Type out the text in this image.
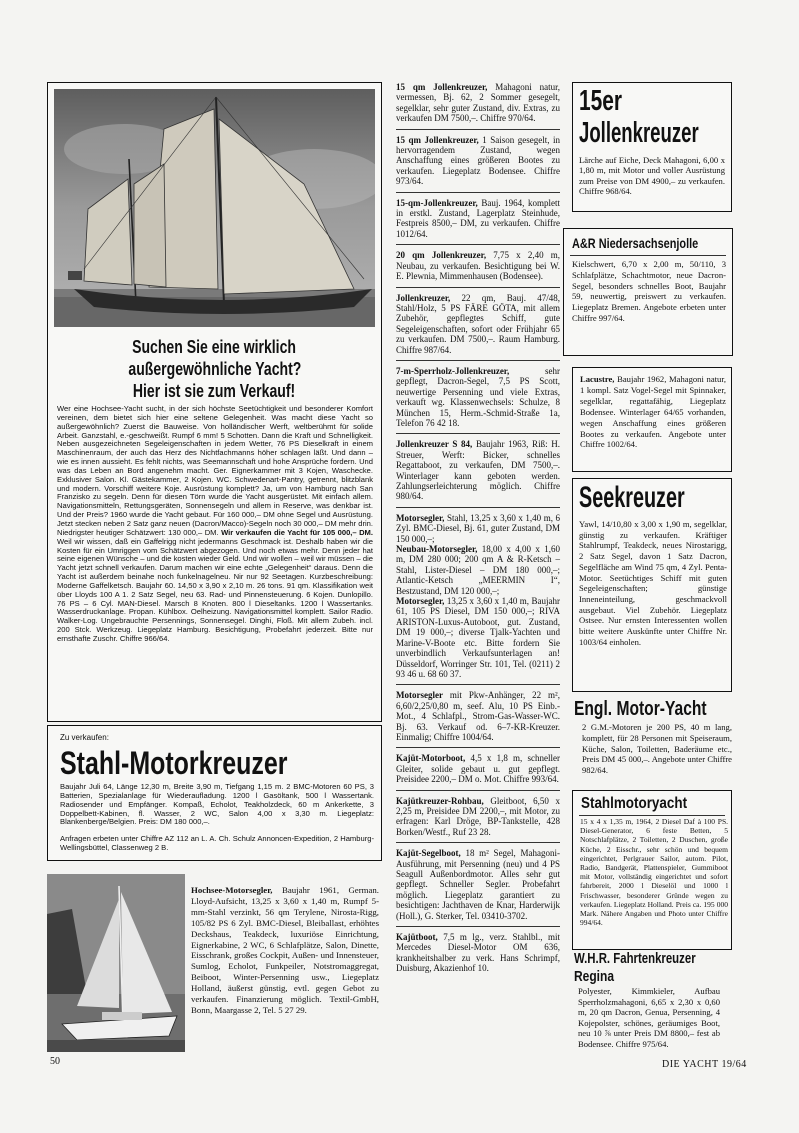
Suchen Sie eine wirklich
außergewöhnliche Yacht?
Hier ist sie zum Verkauf!
Wer eine Hochsee-Yacht sucht, in der sich höchste Seetüchtigkeit und besonderer Komfort vereinen, dem bietet sich hier eine seltene Gelegenheit. Was macht diese Yacht so außergewöhnlich? Zuerst die Bauweise. Von holländischer Werft, weltberühmt für solide Arbeit. Ganzstahl, e.-geschweißt. Rumpf 6 mm! 5 Schotten. Dann die Kraft und Schnelligkeit. Neben ausgezeichneten Segeleigenschaften in jedem Wetter, 76 PS Dieselkraft in einem Maschinenraum, der auch das Herz des Nichtfachmanns höher schlagen läßt. Und dann – wie es innen aussieht. Es fehlt nichts, was Seemannschaft und hohe Ansprüche fordern. Und was das Leben an Bord angenehm macht. Ger. Eignerkammer mit 3 Kojen, Waschecke. Exklusiver Salon. Kl. Gästekammer, 2 Kojen. WC. Schwedenart-Pantry, getrennt, blitzblank und modern. Vorschiff weitere Koje. Ausrüstung komplett? Ja, um von Hamburg nach San Franzisko zu segeln. Denn für diesen Törn wurde die Yacht ausgerüstet. Mit einfach allem. Navigationsmitteln, Rettungsgeräten, Sonnensegeln und allem in Reserve, was denkbar ist. Und der Preis? 1960 wurde die Yacht gebaut. Für 160 000,– DM ohne Segel und Ausrüstung. Jetzt stecken neben 2 Satz ganz neuen (Dacron/Macco)-Segeln noch 30 000,– DM mehr drin. Niedrigster heutiger Schätzwert: 130 000,– DM. Wir verkaufen die Yacht für 105 000,– DM. Weil wir wissen, daß ein Gaffelrigg nicht jedermanns Geschmack ist. Deshalb haben wir die Kosten für ein Umriggen vom Schätzwert abgezogen. Und noch etwas mehr. Denn jeder hat seine eigenen Wünsche – und die kosten wieder Geld. Und wir wollen – weil wir müssen – die Yacht jetzt schnell verkaufen. Darum machen wir eine echte „Gelegenheit“ daraus. Denn die Yacht ist außerdem beinahe noch funkelnagelneu. Nir nur 92 Seetagen. Kurzbeschreibung: Moderne Gaffelketsch. Baujahr 60. 14,50 x 3,90 x 2,10 m. 26 tons. 91 qm. Klassifikation weit über Lloyds 100 A 1. 2 Satz Segel, neu 63. Rad- und Pinnensteuerung. 6 Kojen. Dunlopillo. 76 PS – 6 Cyl. MAN-Diesel. Marsch 8 Knoten. 800 l Dieseltanks. 1200 l Wassertanks. Wasserdruckanlage. Propan. Kühlbox. Oelheizung. Navigationsmittel komplett. Sailor Radio. Walker-Log. Ungebrauchte Persennings, Sonnensegel. Dinghi, Floß. Mit allem Zubeh. incl. 200 Stck. Werkzeug. Liegeplatz Hamburg. Besichtigung, Probefahrt jederzeit. Bitte nur ernsthafte Zuschr. Chiffre 966/64.
Zu verkaufen:
Stahl-Motorkreuzer
Baujahr Juli 64, Länge 12,30 m, Breite 3,90 m, Tiefgang 1,15 m. 2 BMC-Motoren 60 PS, 3 Batterien, Spezialanlage für Wiederaufladung. 1200 l Gasöltank, 500 l Wassertank. Radiosender und Empfänger. Kompaß, Echolot, Teakholzdeck, 60 m Ankerkette, 3 Doppelbett-Kabinen, fl. Wasser, 2 WC, Salon 4,00 x 3,30 m. Liegeplatz: Blankenberge/Belgien. Preis: DM 180 000,–.
Anfragen erbeten unter Chiffre AZ 112 an L. A. Ch. Schulz Annoncen-Expedition, 2 Hamburg-Wellingsbüttel, Classenweg 2 B.
Hochsee-Motorsegler, Baujahr 1961, German. Lloyd-Aufsicht, 13,25 x 3,60 x 1,40 m, Rumpf 5-mm-Stahl verzinkt, 56 qm Terylene, Nirosta-Rigg, 105/82 PS 6 Zyl. BMC-Diesel, Bleiballast, erhöhtes Deckshaus, Teakdeck, luxuriöse Einrichtung, Eignerkabine, 2 WC, 6 Schlafplätze, Salon, Dinette, Eisschrank, großes Cockpit, Außen- und Innensteuer, Sumlog, Echolot, Funkpeiler, Notstromaggregat, Beiboot, Winter-Persenning usw., Liegeplatz Holland, äußerst günstig, evtl. gegen Gebot zu verkaufen. Finanzierung möglich. Textil-GmbH, Bonn, Maargasse 2, Tel. 5 27 29.
15 qm Jollenkreuzer, Mahagoni natur, vermessen, Bj. 62, 2 Sommer gesegelt, segelklar, sehr guter Zustand, div. Extras, zu verkaufen DM 7500,–. Chiffre 970/64.
15 qm Jollenkreuzer, 1 Saison gesegelt, in hervorragendem Zustand, wegen Anschaffung eines größeren Bootes zu verkaufen. Liegeplatz Bodensee. Chiffre 973/64.
15-qm-Jollenkreuzer, Bauj. 1964, komplett in erstkl. Zustand, Lagerplatz Steinhude, Festpreis 8500,– DM, zu verkaufen. Chiffre 1012/64.
20 qm Jollenkreuzer, 7,75 x 2,40 m, Neubau, zu verkaufen. Besichtigung bei W. E. Plewnia, Mimmenhausen (Bodensee).
Jollenkreuzer, 22 qm, Bauj. 47/48, Stahl/Holz, 5 PS FÄRE GÖTA, mit allem Zubehör, gepflegtes Schiff, gute Segeleigenschaften, sofort oder Frühjahr 65 zu verkaufen. DM 7500,–. Raum Hamburg. Chiffre 987/64.
7-m-Sperrholz-Jollenkreuzer, sehr gepflegt, Dacron-Segel, 7,5 PS Scott, neuwertige Persenning und viele Extras, verkauft wg. Klassenwechsels: Schulze, 8 München 15, Herm.-Schmid-Straße 1a, Telefon 76 42 18.
Jollenkreuzer S 84, Baujahr 1963, Riß: H. Streuer, Werft: Bicker, schnelles Regattaboot, zu verkaufen, DM 7500,–. Winterlager kann geboten werden. Zahlungserleichterung möglich. Chiffre 980/64.
Motorsegler, Stahl, 13,25 x 3,60 x 1,40 m, 6 Zyl. BMC-Diesel, Bj. 61, guter Zustand, DM 150 000,–;
Neubau-Motorsegler, 18,00 x 4,00 x 1,60 m, DM 280 000; 200 qm A & R-Ketsch – Stahl, Lister-Diesel – DM 180 000,–; Atlantic-Ketsch „MEERMIN I“, Bestzustand, DM 120 000,–;
Motorsegler, 13,25 x 3,60 x 1,40 m, Baujahr 61, 105 PS Diesel, DM 150 000,–; RIVA ARISTON-Luxus-Autoboot, gut. Zustand, DM 19 000,–; diverse Tjalk-Yachten und Marine-V-Boote etc. Bitte fordern Sie unverbindlich Verkaufsunterlagen an! Düsseldorf, Worringer Str. 101, Tel. (0211) 2 93 46 u. 68 60 37.
Motorsegler mit Pkw-Anhänger, 22 m², 6,60/2,25/0,80 m, seef. Alu, 10 PS Einb.-Mot., 4 Schlafpl., Strom-Gas-Wasser-WC. Bj. 63. Verkauf od. 6–7-KR-Kreuzer. Einmalig; Chiffre 1004/64.
Kajüt-Motorboot, 4,5 x 1,8 m, schneller Gleiter, solide gebaut u. gut gepflegt. Preisidee 2200,– DM o. Mot. Chiffre 993/64.
Kajütkreuzer-Rohbau, Gleitboot, 6,50 x 2,25 m, Preisidee DM 2200,–, mit Motor, zu erfragen: Karl Dröge, BP-Tankstelle, 428 Borken/Westf., Ruf 23 28.
Kajüt-Segelboot, 18 m² Segel, Mahagoni-Ausführung, mit Persenning (neu) und 4 PS Seagull Außenbordmotor. Alles sehr gut gepflegt. Schneller Segler. Probefahrt möglich. Liegeplatz garantiert zu besichtigen: Jachthaven de Knar, Harderwijk (Holl.), G. Sterker, Tel. 03410-3702.
Kajütboot, 7,5 m lg., verz. Stahlbl., mit Mercedes Diesel-Motor OM 636, krankheitshalber zu verk. Hans Schrimpf, Duisburg, Akazienhof 10.
15er
Jollenkreuzer
Lärche auf Eiche, Deck Mahagoni, 6,00 x 1,80 m, mit Motor und voller Ausrüstung zum Preise von DM 4900,– zu verkaufen. Chiffre 968/64.
A&R Niedersachsenjolle
Kielschwert, 6,70 x 2,00 m, 50/110, 3 Schlafplätze, Schachtmotor, neue Dacron-Segel, besonders schnelles Boot, Baujahr 59, neuwertig, preiswert zu verkaufen. Liegeplatz Bremen. Angebote erbeten unter Chiffre 997/64.
Lacustre, Baujahr 1962, Mahagoni natur, 1 kompl. Satz Vogel-Segel mit Spinnaker, segelklar, regattafähig, Liegeplatz Bodensee. Winterlager 64/65 vorhanden, wegen Anschaffung eines größeren Bootes zu verkaufen. Angebote unter Chiffre 1002/64.
Seekreuzer
Yawl, 14/10,80 x 3,00 x 1,90 m, segelklar, günstig zu verkaufen. Kräftiger Stahlrumpf, Teakdeck, neues Nirostarigg, 2 Satz Segel, davon 1 Satz Dacron, Segelfläche am Wind 75 qm, 4 Zyl. Penta-Motor. Seetüchtiges Schiff mit guten Segeleigenschaften; günstige Inneneinteilung, geschmackvoll ausgebaut. Viel Zubehör. Liegeplatz Ostsee. Nur ernsten Interessenten wollen bitte weitere Auskünfte unter Chiffre Nr. 1003/64 einholen.
Engl. Motor-Yacht
2 G.M.-Motoren je 200 PS, 40 m lang, komplett, für 28 Personen mit Speiseraum, Küche, Salon, Toiletten, Baderäume etc., Preis DM 45 000,–. Angebote unter Chiffre 982/64.
Stahlmotoryacht
15 x 4 x 1,35 m, 1964, 2 Diesel Daf à 100 PS. Diesel-Generator, 6 feste Betten, 5 Notschlafplätze, 2 Toiletten, 2 Duschen, große Küche, 2 Eisschr., sehr schön und bequem eingerichtet, Perlgrauer Sailor, autom. Pilot, Radio, Bandgerät, Plattenspieler, Gummiboot mit Motor, vollständig eingerichtet und sofort fahrbereit, 2000 l Dieselöl und 1000 l Frischwasser, besonderer Gründe wegen zu verkaufen. Liegeplatz Holland. Preis ca. 195 000 Mark. Nähere Angaben und Photo unter Chiffre 994/64.
W.H.R. Fahrtenkreuzer
Regina
Polyester, Kimmkieler, Aufbau Sperrholzmahagoni, 6,65 x 2,30 x 0,60 m, 20 qm Dacron, Genua, Persenning, 4 Kojepolster, schönes, geräumiges Boot, neu 10 ⅞ unter Preis DM 8800,– fest ab Bodensee. Chiffre 975/64.
50	DIE YACHT 19/64
